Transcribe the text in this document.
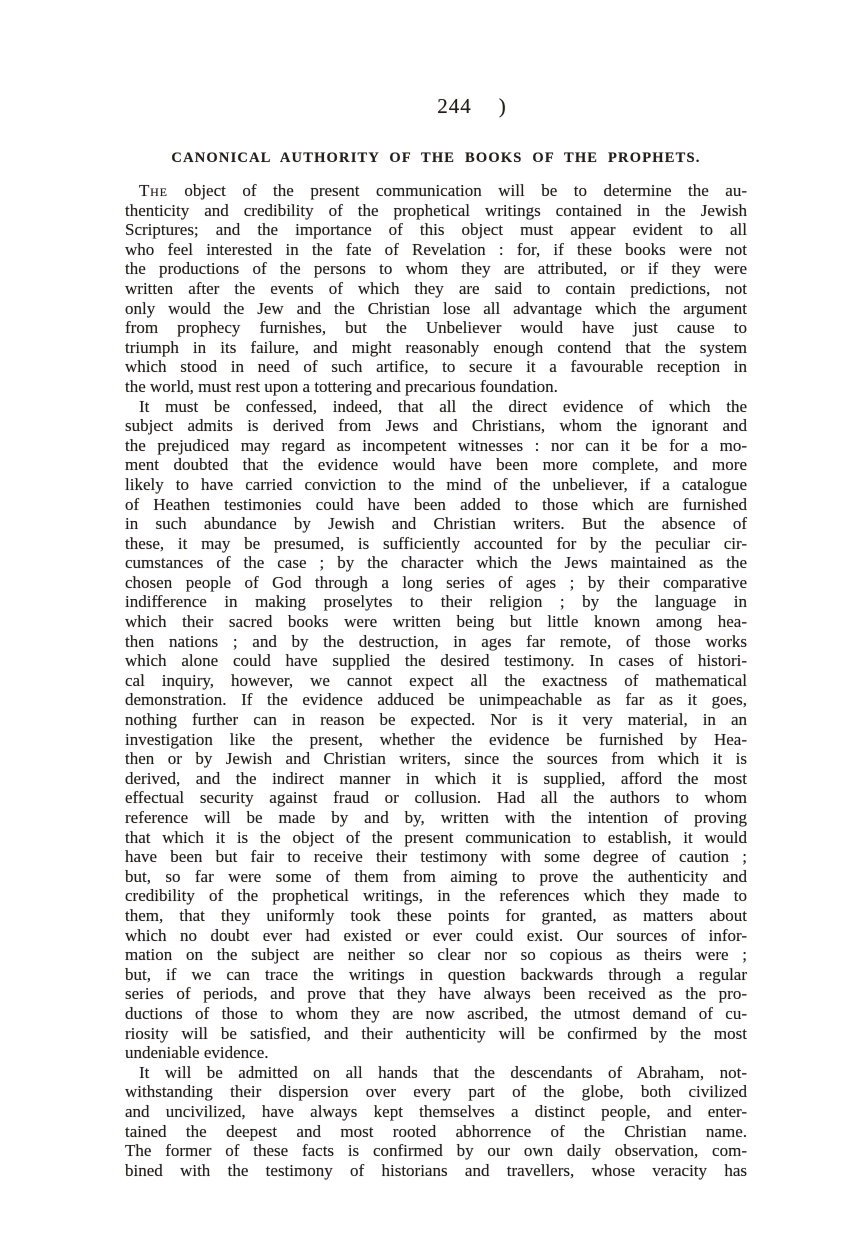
244 )
CANONICAL AUTHORITY OF THE BOOKS OF THE PROPHETS.
The object of the present communication will be to determine the au-
thenticity and credibility of the prophetical writings contained in the Jewish
Scriptures; and the importance of this object must appear evident to all
who feel interested in the fate of Revelation : for, if these books were not
the productions of the persons to whom they are attributed, or if they were
written after the events of which they are said to contain predictions, not
only would the Jew and the Christian lose all advantage which the argument
from prophecy furnishes, but the Unbeliever would have just cause to
triumph in its failure, and might reasonably enough contend that the system
which stood in need of such artifice, to secure it a favourable reception in
the world, must rest upon a tottering and precarious foundation.
It must be confessed, indeed, that all the direct evidence of which the
subject admits is derived from Jews and Christians, whom the ignorant and
the prejudiced may regard as incompetent witnesses : nor can it be for a mo-
ment doubted that the evidence would have been more complete, and more
likely to have carried conviction to the mind of the unbeliever, if a catalogue
of Heathen testimonies could have been added to those which are furnished
in such abundance by Jewish and Christian writers. But the absence of
these, it may be presumed, is sufficiently accounted for by the peculiar cir-
cumstances of the case ; by the character which the Jews maintained as the
chosen people of God through a long series of ages ; by their comparative
indifference in making proselytes to their religion ; by the language in
which their sacred books were written being but little known among hea-
then nations ; and by the destruction, in ages far remote, of those works
which alone could have supplied the desired testimony. In cases of histori-
cal inquiry, however, we cannot expect all the exactness of mathematical
demonstration. If the evidence adduced be unimpeachable as far as it goes,
nothing further can in reason be expected. Nor is it very material, in an
investigation like the present, whether the evidence be furnished by Hea-
then or by Jewish and Christian writers, since the sources from which it is
derived, and the indirect manner in which it is supplied, afford the most
effectual security against fraud or collusion. Had all the authors to whom
reference will be made by and by, written with the intention of proving
that which it is the object of the present communication to establish, it would
have been but fair to receive their testimony with some degree of caution ;
but, so far were some of them from aiming to prove the authenticity and
credibility of the prophetical writings, in the references which they made to
them, that they uniformly took these points for granted, as matters about
which no doubt ever had existed or ever could exist. Our sources of infor-
mation on the subject are neither so clear nor so copious as theirs were ;
but, if we can trace the writings in question backwards through a regular
series of periods, and prove that they have always been received as the pro-
ductions of those to whom they are now ascribed, the utmost demand of cu-
riosity will be satisfied, and their authenticity will be confirmed by the most
undeniable evidence.
It will be admitted on all hands that the descendants of Abraham, not-
withstanding their dispersion over every part of the globe, both civilized
and uncivilized, have always kept themselves a distinct people, and enter-
tained the deepest and most rooted abhorrence of the Christian name.
The former of these facts is confirmed by our own daily observation, com-
bined with the testimony of historians and travellers, whose veracity has
